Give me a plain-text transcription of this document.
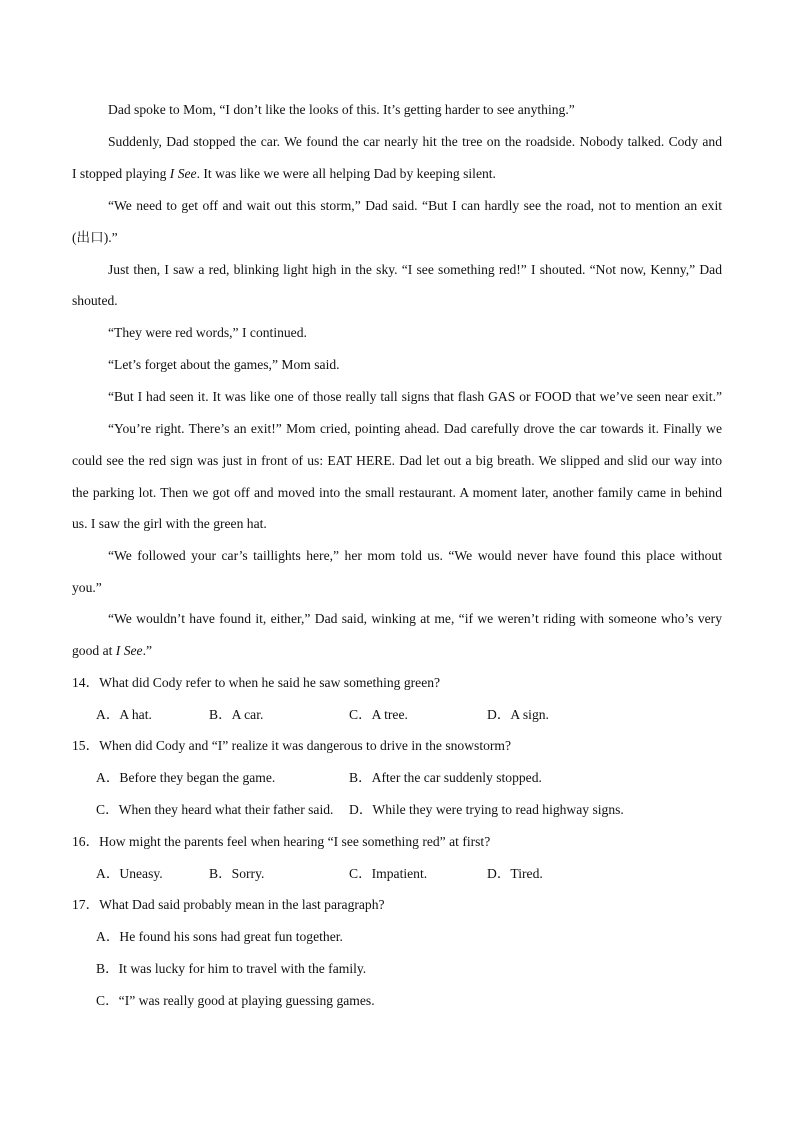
Dad spoke to Mom, “I don’t like the looks of this. It’s getting harder to see anything.”
Suddenly, Dad stopped the car. We found the car nearly hit the tree on the roadside. Nobody talked. Cody and
I stopped playing I See. It was like we were all helping Dad by keeping silent.
“We need to get off and wait out this storm,” Dad said. “But I can hardly see the road, not to mention an exit
(出口).”
Just then, I saw a red, blinking light high in the sky. “I see something red!” I shouted. “Not now, Kenny,” Dad
shouted.
“They were red words,” I continued.
“Let’s forget about the games,” Mom said.
“But I had seen it. It was like one of those really tall signs that flash GAS or FOOD that we’ve seen near exit.”
“You’re right. There’s an exit!” Mom cried, pointing ahead. Dad carefully drove the car towards it. Finally we
could see the red sign was just in front of us: EAT HERE. Dad let out a big breath. We slipped and slid our way into
the parking lot. Then we got off and moved into the small restaurant. A moment later, another family came in behind
us. I saw the girl with the green hat.
“We followed your car’s taillights here,” her mom told us. “We would never have found this place without
you.”
“We wouldn’t have found it, either,” Dad said, winking at me, “if we weren’t riding with someone who’s very
good at I See.”
14．What did Cody refer to when he said he saw something green?
A．A hat.	B．A car.	C．A tree.	D．A sign.
15．When did Cody and “I” realize it was dangerous to drive in the snowstorm?
A．Before they began the game.	B．After the car suddenly stopped.
C．When they heard what their father said. D．While they were trying to read highway signs.
16．How might the parents feel when hearing “I see something red” at first?
A．Uneasy.	B．Sorry.	C．Impatient.	D．Tired.
17．What Dad said probably mean in the last paragraph?
A．He found his sons had great fun together.
B．It was lucky for him to travel with the family.
C．“I” was really good at playing guessing games.
